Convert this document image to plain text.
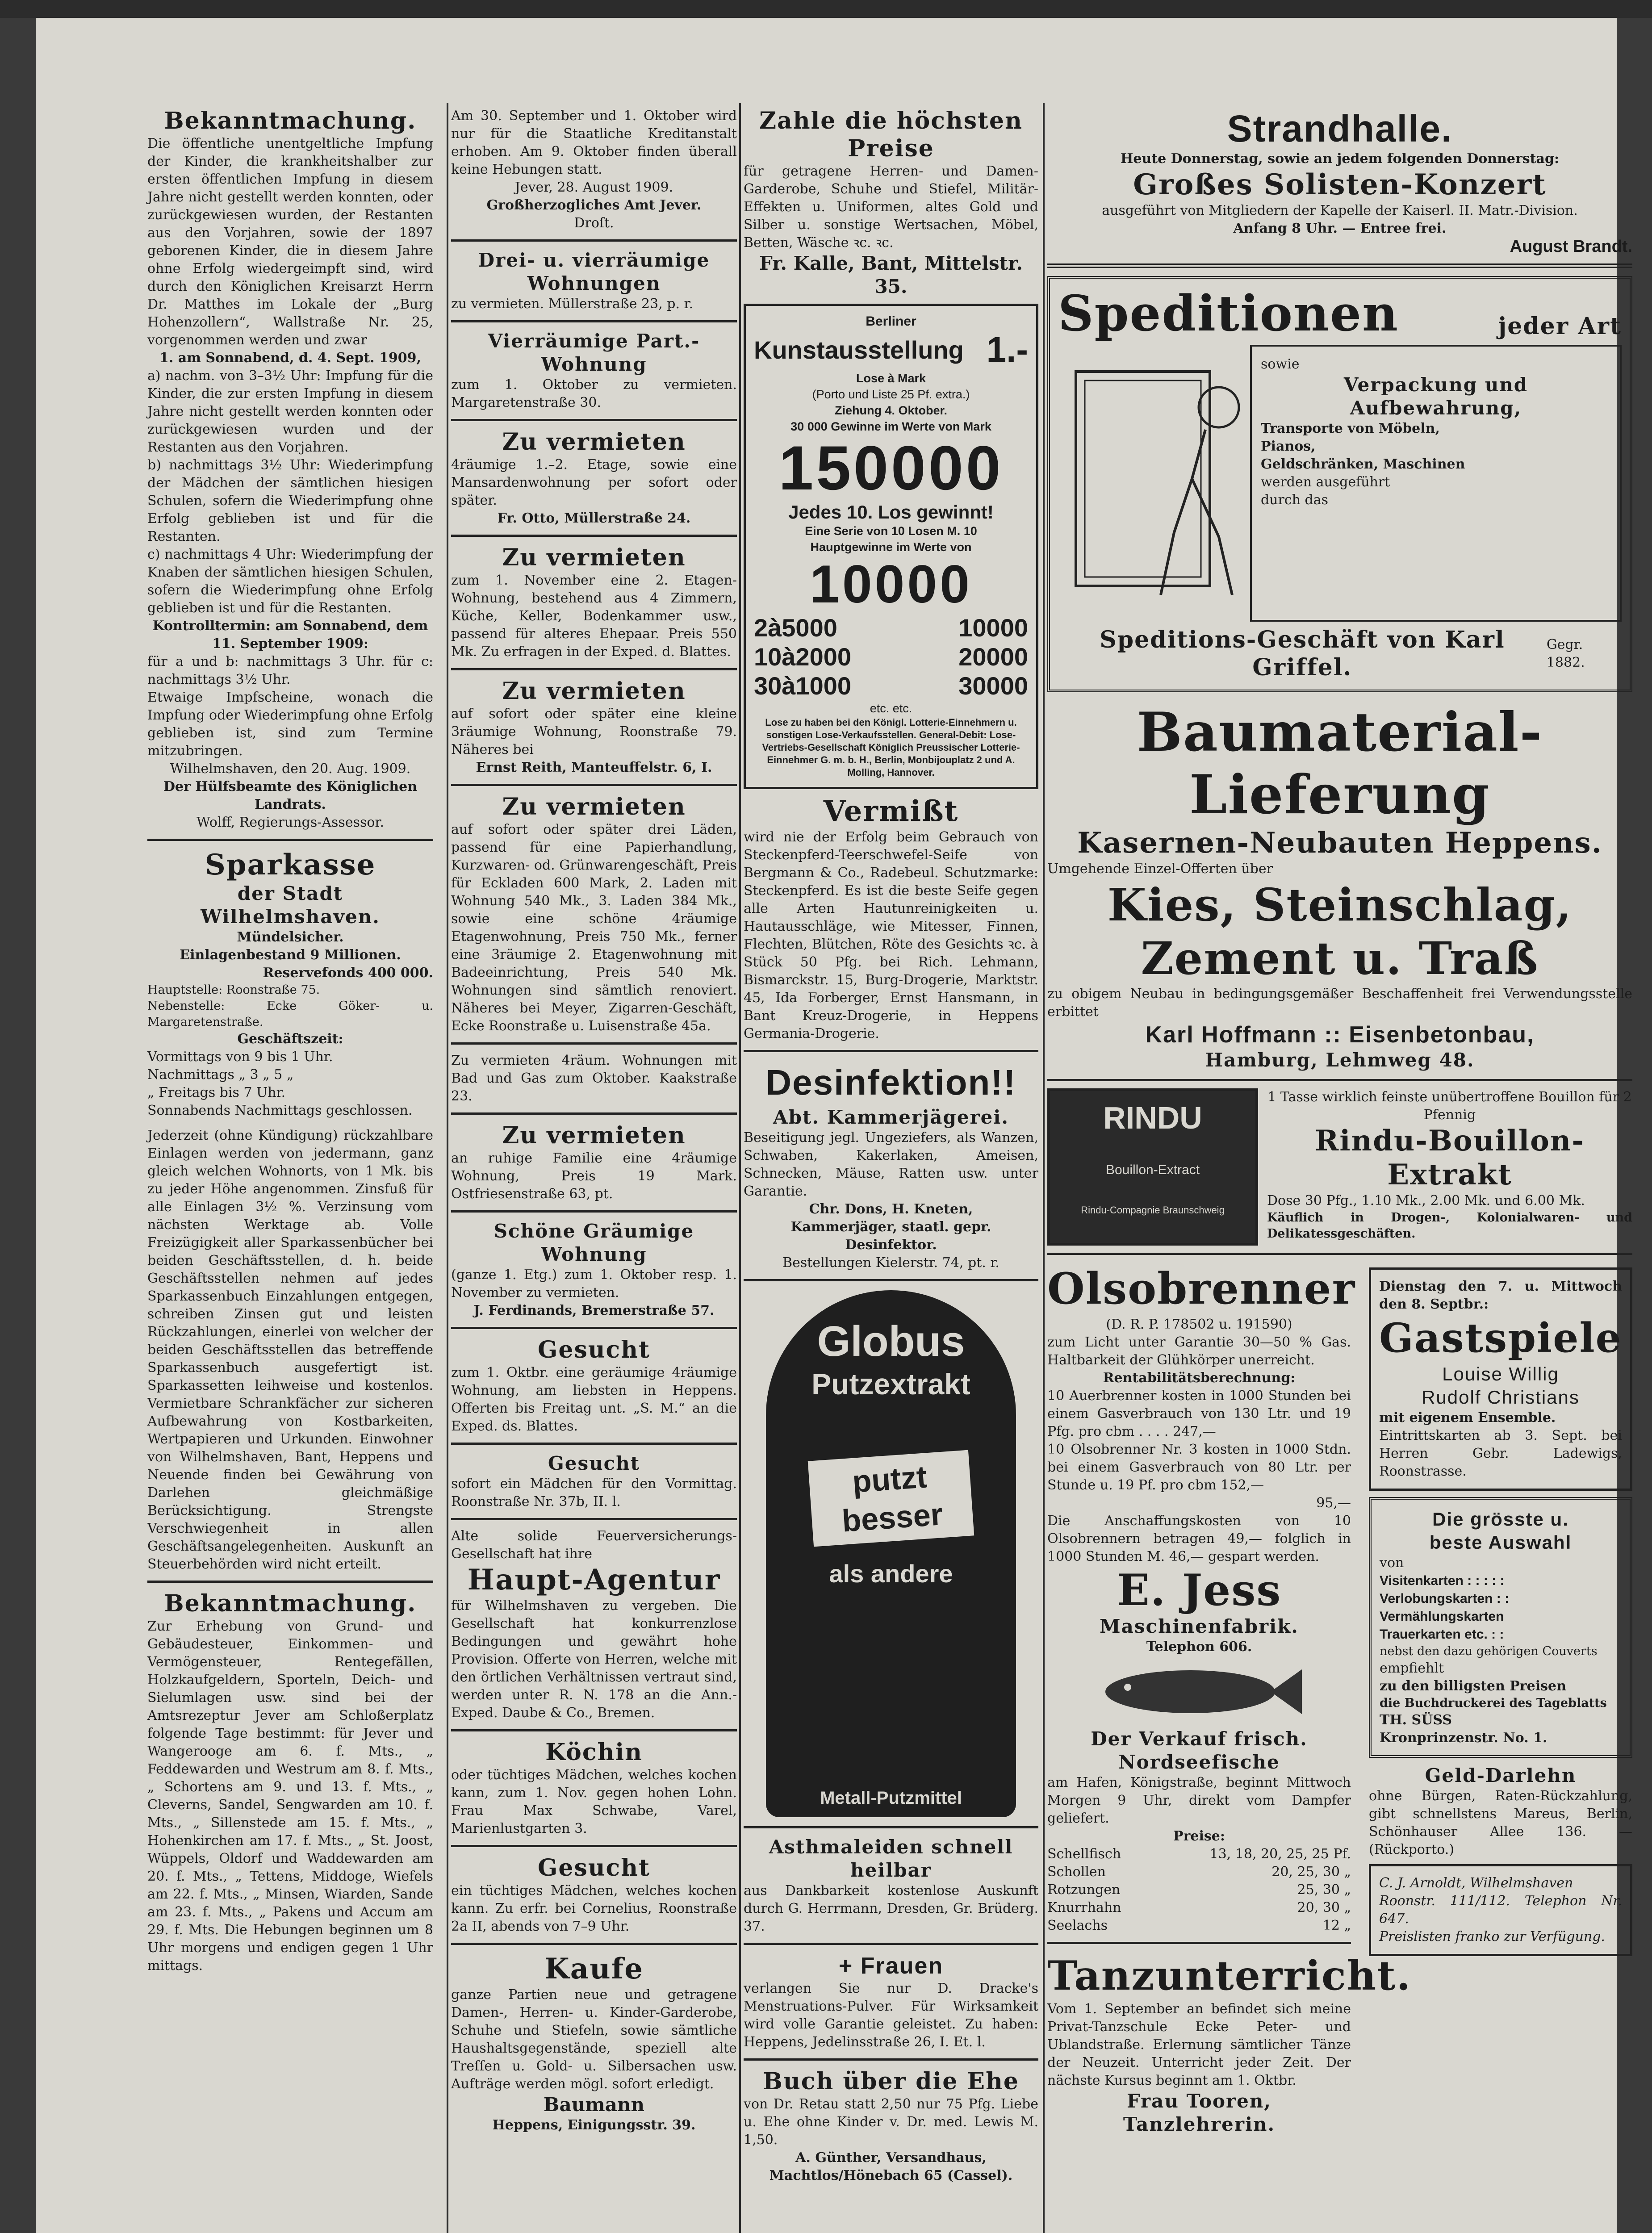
Bekanntmachung.
Die öffentliche unentgeltliche Impfung der Kinder, die krankheitshalber zur ersten öffentlichen Impfung in diesem Jahre nicht gestellt werden konnten, oder zurückgewiesen wurden, der Restanten aus den Vorjahren, sowie der 1897 geborenen Kinder, die in diesem Jahre ohne Erfolg wiedergeimpft sind, wird durch den Königlichen Kreisarzt Herrn Dr. Matthes im Lokale der „Burg Hohenzollern“, Wallstraße Nr. 25, vorgenommen werden und zwar
1. am Sonnabend, d. 4. Sept. 1909,
a) nachm. von 3–3½ Uhr: Impfung für die Kinder, die zur ersten Impfung in diesem Jahre nicht gestellt werden konnten oder zurückgewiesen wurden und der Restanten aus den Vorjahren.
b) nachmittags 3½ Uhr: Wiederimpfung der Mädchen der sämtlichen hiesigen Schulen, sofern die Wiederimpfung ohne Erfolg geblieben ist und für die Restanten.
c) nachmittags 4 Uhr: Wiederimpfung der Knaben der sämtlichen hiesigen Schulen, sofern die Wiederimpfung ohne Erfolg geblieben ist und für die Restanten.
Kontrolltermin: am Sonnabend, dem 11. September 1909:
für a und b: nachmittags 3 Uhr. für c: nachmittags 3½ Uhr.
Etwaige Impfscheine, wonach die Impfung oder Wiederimpfung ohne Erfolg geblieben ist, sind zum Termine mitzubringen.
Wilhelmshaven, den 20. Aug. 1909.
Der Hülfsbeamte des Königlichen Landrats.
Wolff, Regierungs-Assessor.
Sparkasse
der Stadt Wilhelmshaven.
Mündelsicher.
Einlagenbestand 9 Millionen.
Reservefonds 400 000.
Hauptstelle: Roonstraße 75.
Nebenstelle: Ecke Göker- u. Margaretenstraße.
Geschäftszeit:
Vormittags von 9 bis 1 Uhr.
Nachmittags „ 3 „ 5 „
„ Freitags bis 7 Uhr.
Sonnabends Nachmittags geschlossen.
Jederzeit (ohne Kündigung) rückzahlbare Einlagen werden von jedermann, ganz gleich welchen Wohnorts, von 1 Mk. bis zu jeder Höhe angenommen. Zinsfuß für alle Einlagen 3½ %. Verzinsung vom nächsten Werktage ab. Volle Freizügigkeit aller Sparkassenbücher bei beiden Geschäftsstellen, d. h. beide Geschäftsstellen nehmen auf jedes Sparkassenbuch Einzahlungen entgegen, schreiben Zinsen gut und leisten Rückzahlungen, einerlei von welcher der beiden Geschäftsstellen das betreffende Sparkassenbuch ausgefertigt ist. Sparkassetten leihweise und kostenlos. Vermietbare Schrankfächer zur sicheren Aufbewahrung von Kostbarkeiten, Wertpapieren und Urkunden. Einwohner von Wilhelmshaven, Bant, Heppens und Neuende finden bei Gewährung von Darlehen gleichmäßige Berücksichtigung. Strengste Verschwiegenheit in allen Geschäftsangelegenheiten. Auskunft an Steuerbehörden wird nicht erteilt.
Bekanntmachung.
Zur Erhebung von Grund- und Gebäudesteuer, Einkommen- und Vermögensteuer, Rentegefällen, Holzkaufgeldern, Sporteln, Deich- und Sielumlagen usw. sind bei der Amtsrezeptur Jever am Schloßerplatz folgende Tage bestimmt: für Jever und Wangerooge am 6. f. Mts., „ Feddewarden und Westrum am 8. f. Mts., „ Schortens am 9. und 13. f. Mts., „ Cleverns, Sandel, Sengwarden am 10. f. Mts., „ Sillenstede am 15. f. Mts., „ Hohenkirchen am 17. f. Mts., „ St. Joost, Wüppels, Oldorf und Waddewarden am 20. f. Mts., „ Tettens, Middoge, Wiefels am 22. f. Mts., „ Minsen, Wiarden, Sande am 23. f. Mts., „ Pakens und Accum am 29. f. Mts. Die Hebungen beginnen um 8 Uhr morgens und endigen gegen 1 Uhr mittags.
Am 30. September und 1. Oktober wird nur für die Staatliche Kreditanstalt erhoben. Am 9. Oktober finden überall keine Hebungen statt.
Jever, 28. August 1909.
Großherzogliches Amt Jever.
Droſt.
Drei- u. vierräumige Wohnungen
zu vermieten. Müllerstraße 23, p. r.
Vierräumige Part.-Wohnung
zum 1. Oktober zu vermieten. Margaretenstraße 30.
Zu vermieten
4räumige 1.–2. Etage, sowie eine Mansardenwohnung per sofort oder später.
Fr. Otto, Müllerstraße 24.
Zu vermieten
zum 1. November eine 2. Etagen-Wohnung, bestehend aus 4 Zimmern, Küche, Keller, Bodenkammer usw., passend für alteres Ehepaar. Preis 550 Mk. Zu erfragen in der Exped. d. Blattes.
Zu vermieten
auf sofort oder später eine kleine 3räumige Wohnung, Roonstraße 79. Näheres bei
Ernst Reith, Manteuffelstr. 6, I.
Zu vermieten
auf sofort oder später drei Läden, passend für eine Papierhandlung, Kurzwaren- od. Grünwarengeschäft, Preis für Eckladen 600 Mark, 2. Laden mit Wohnung 540 Mk., 3. Laden 384 Mk., sowie eine schöne 4räumige Etagenwohnung, Preis 750 Mk., ferner eine 3räumige 2. Etagenwohnung mit Badeeinrichtung, Preis 540 Mk. Wohnungen sind sämtlich renoviert. Näheres bei Meyer, Zigarren-Geschäft, Ecke Roonstraße u. Luisenstraße 45a.
Zu vermieten 4räum. Wohnungen mit Bad und Gas zum Oktober. Kaakstraße 23.
Zu vermieten
an ruhige Familie eine 4räumige Wohnung, Preis 19 Mark. Ostfriesenstraße 63, pt.
Schöne Gräumige Wohnung
(ganze 1. Etg.) zum 1. Oktober resp. 1. November zu vermieten.
J. Ferdinands, Bremerstraße 57.
Gesucht
zum 1. Oktbr. eine geräumige 4räumige Wohnung, am liebsten in Heppens. Offerten bis Freitag unt. „S. M.“ an die Exped. ds. Blattes.
Gesucht
sofort ein Mädchen für den Vormittag. Roonstraße Nr. 37b, II. l.
Alte solide Feuerversicherungs-Gesellschaft hat ihre
Haupt-Agentur
für Wilhelmshaven zu vergeben. Die Gesellschaft hat konkurrenzlose Bedingungen und gewährt hohe Provision. Offerte von Herren, welche mit den örtlichen Verhältnissen vertraut sind, werden unter R. N. 178 an die Ann.-Exped. Daube & Co., Bremen.
Köchin
oder tüchtiges Mädchen, welches kochen kann, zum 1. Nov. gegen hohen Lohn. Frau Max Schwabe, Varel, Marienlustgarten 3.
Gesucht
ein tüchtiges Mädchen, welches kochen kann. Zu erfr. bei Cornelius, Roonstraße 2a II, abends von 7–9 Uhr.
Kaufe
ganze Partien neue und getragene Damen-, Herren- u. Kinder-Garderobe, Schuhe und Stiefeln, sowie sämtliche Haushaltsgegenstände, speziell alte Treſſen u. Gold- u. Silbersachen usw. Aufträge werden mögl. sofort erledigt.
Baumann
Heppens, Einigungsstr. 39.
Zahle die höchsten Preise
für getragene Herren- und Damen-Garderobe, Schuhe und Stiefel, Militär-Effekten u. Uniformen, altes Gold und Silber u. sonstige Wertsachen, Möbel, Betten, Wäsche ꝛc. ꝛc.
Fr. Kalle, Bant, Mittelstr. 35.
Berliner
Kunstausstellung 1.-
Lose à Mark
(Porto und Liste 25 Pf. extra.)
Ziehung 4. Oktober.
30 000 Gewinne im Werte von Mark
150000
Jedes 10. Los gewinnt!
Eine Serie von 10 Losen M. 10
Hauptgewinne im Werte von
10000
2à5000	10000
10à2000	20000
30à1000	30000
etc. etc.
Lose zu haben bei den Königl. Lotterie-Einnehmern u. sonstigen Lose-Verkaufsstellen. General-Debit: Lose-Vertriebs-Gesellschaft Königlich Preussischer Lotterie-Einnehmer G. m. b. H., Berlin, Monbijouplatz 2 und A. Molling, Hannover.
Vermißt
wird nie der Erfolg beim Gebrauch von Steckenpferd-Teerschwefel-Seife von Bergmann & Co., Radebeul. Schutzmarke: Steckenpferd. Es ist die beste Seife gegen alle Arten Hautunreinigkeiten u. Hautausschläge, wie Mitesser, Finnen, Flechten, Blütchen, Röte des Gesichts ꝛc. à Stück 50 Pfg. bei Rich. Lehmann, Bismarckstr. 15, Burg-Drogerie, Marktstr. 45, Ida Forberger, Ernst Hansmann, in Bant Kreuz-Drogerie, in Heppens Germania-Drogerie.
Desinfektion!!
Abt. Kammerjägerei.
Beseitigung jegl. Ungeziefers, als Wanzen, Schwaben, Kakerlaken, Ameisen, Schnecken, Mäuse, Ratten usw. unter Garantie.
Chr. Dons, H. Kneten,
Kammerjäger, staatl. gepr. Desinfektor.
Bestellungen Kielerstr. 74, pt. r.
Globus
Putzextrakt
putzt besser
als andere
Metall-Putzmittel
Asthmaleiden schnell heilbar
aus Dankbarkeit kostenlose Auskunft durch G. Herrmann, Dresden, Gr. Brüderg. 37.
+ Frauen
verlangen Sie nur D. Dracke's Menstruations-Pulver. Für Wirksamkeit wird volle Garantie geleistet. Zu haben: Heppens, Jedelinsstraße 26, I. Et. l.
Buch über die Ehe
von Dr. Retau statt 2,50 nur 75 Pfg. Liebe u. Ehe ohne Kinder v. Dr. med. Lewis M. 1,50.
A. Günther, Versandhaus, Machtlos/Hönebach 65 (Cassel).
Strandhalle.
Heute Donnerstag, sowie an jedem folgenden Donnerstag:
Großes Solisten-Konzert
ausgeführt von Mitgliedern der Kapelle der Kaiserl. II. Matr.-Division.
Anfang 8 Uhr. — Entree frei.
August Brandt.
Speditionen	jeder Art
sowie
Verpackung und
Aufbewahrung,
Transporte von Möbeln,
Pianos,
Geldschränken, Maschinen
werden ausgeführt
durch das
Speditions-Geschäft von Karl Griffel.
Gegr. 1882.
Baumaterial-Lieferung
Kasernen-Neubauten Heppens.
Umgehende Einzel-Offerten über
Kies, Steinschlag, Zement u. Traß
zu obigem Neubau in bedingungsgemäßer Beschaffenheit frei Verwendungsstelle erbittet
Karl Hoffmann :: Eisenbetonbau,
Hamburg, Lehmweg 48.
RINDU
Bouillon-Extract
Rindu-Compagnie Braunschweig
1 Tasse wirklich feinste unübertroffene Bouillon für 2 Pfennig
Rindu-Bouillon-Extrakt
Dose 30 Pfg., 1.10 Mk., 2.00 Mk. und 6.00 Mk.
Käuflich in Drogen-, Kolonialwaren- und Delikatessgeschäften.
Olsobrenner
(D. R. P. 178502 u. 191590)
zum Licht unter Garantie 30—50 % Gas. Haltbarkeit der Glühkörper unerreicht.
Rentabilitätsberechnung:
10 Auerbrenner kosten in 1000 Stunden bei einem Gasverbrauch von 130 Ltr. und 19 Pfg. pro cbm . . . . 247,—
10 Olsobrenner Nr. 3 kosten in 1000 Stdn. bei einem Gasverbrauch von 80 Ltr. per Stunde u. 19 Pf. pro cbm 152,—
95,—
Die Anschaffungskosten von 10 Olsobrennern betragen 49,— folglich in 1000 Stunden M. 46,— gespart werden.
E. Jess
Maschinenfabrik.
Telephon 606.
Der Verkauf frisch. Nordseefische
am Hafen, Königstraße, beginnt Mittwoch Morgen 9 Uhr, direkt vom Dampfer geliefert.
Preise:
Schellfisch	13, 18, 20, 25, 25 Pf.
Schollen	20, 25, 30 „
Rotzungen	25, 30 „
Knurrhahn	20, 30 „
Seelachs	12 „
Tanzunterricht.
Vom 1. September an befindet sich meine Privat-Tanzschule Ecke Peter- und Ublandstraße. Erlernung sämtlicher Tänze der Neuzeit. Unterricht jeder Zeit. Der nächste Kursus beginnt am 1. Oktbr.
Frau Tooren, Tanzlehrerin.
Dienstag den 7. u. Mittwoch den 8. Septbr.:
Gastspiele
Louise Willig
Rudolf Christians
mit eigenem Ensemble.
Eintrittskarten ab 3. Sept. bei Herren Gebr. Ladewigs, Roonstrasse.
Die grösste u.
beste Auswahl
von
Visitenkarten : : : : :
Verlobungskarten : :
Vermählungskarten
Trauerkarten etc. : :
nebst den dazu gehörigen Couverts
empfiehlt
zu den billigsten Preisen
die Buchdruckerei des Tageblatts
TH. SÜSS
Kronprinzenstr. No. 1.
Geld-Darlehn
ohne Bürgen, Raten-Rückzahlung, gibt schnellstens Mareus, Berlin, Schönhauser Allee 136. — (Rückporto.)
C. J. Arnoldt, Wilhelmshaven
Roonstr. 111/112. Telephon Nr. 647.
Preislisten franko zur Verfügung.
